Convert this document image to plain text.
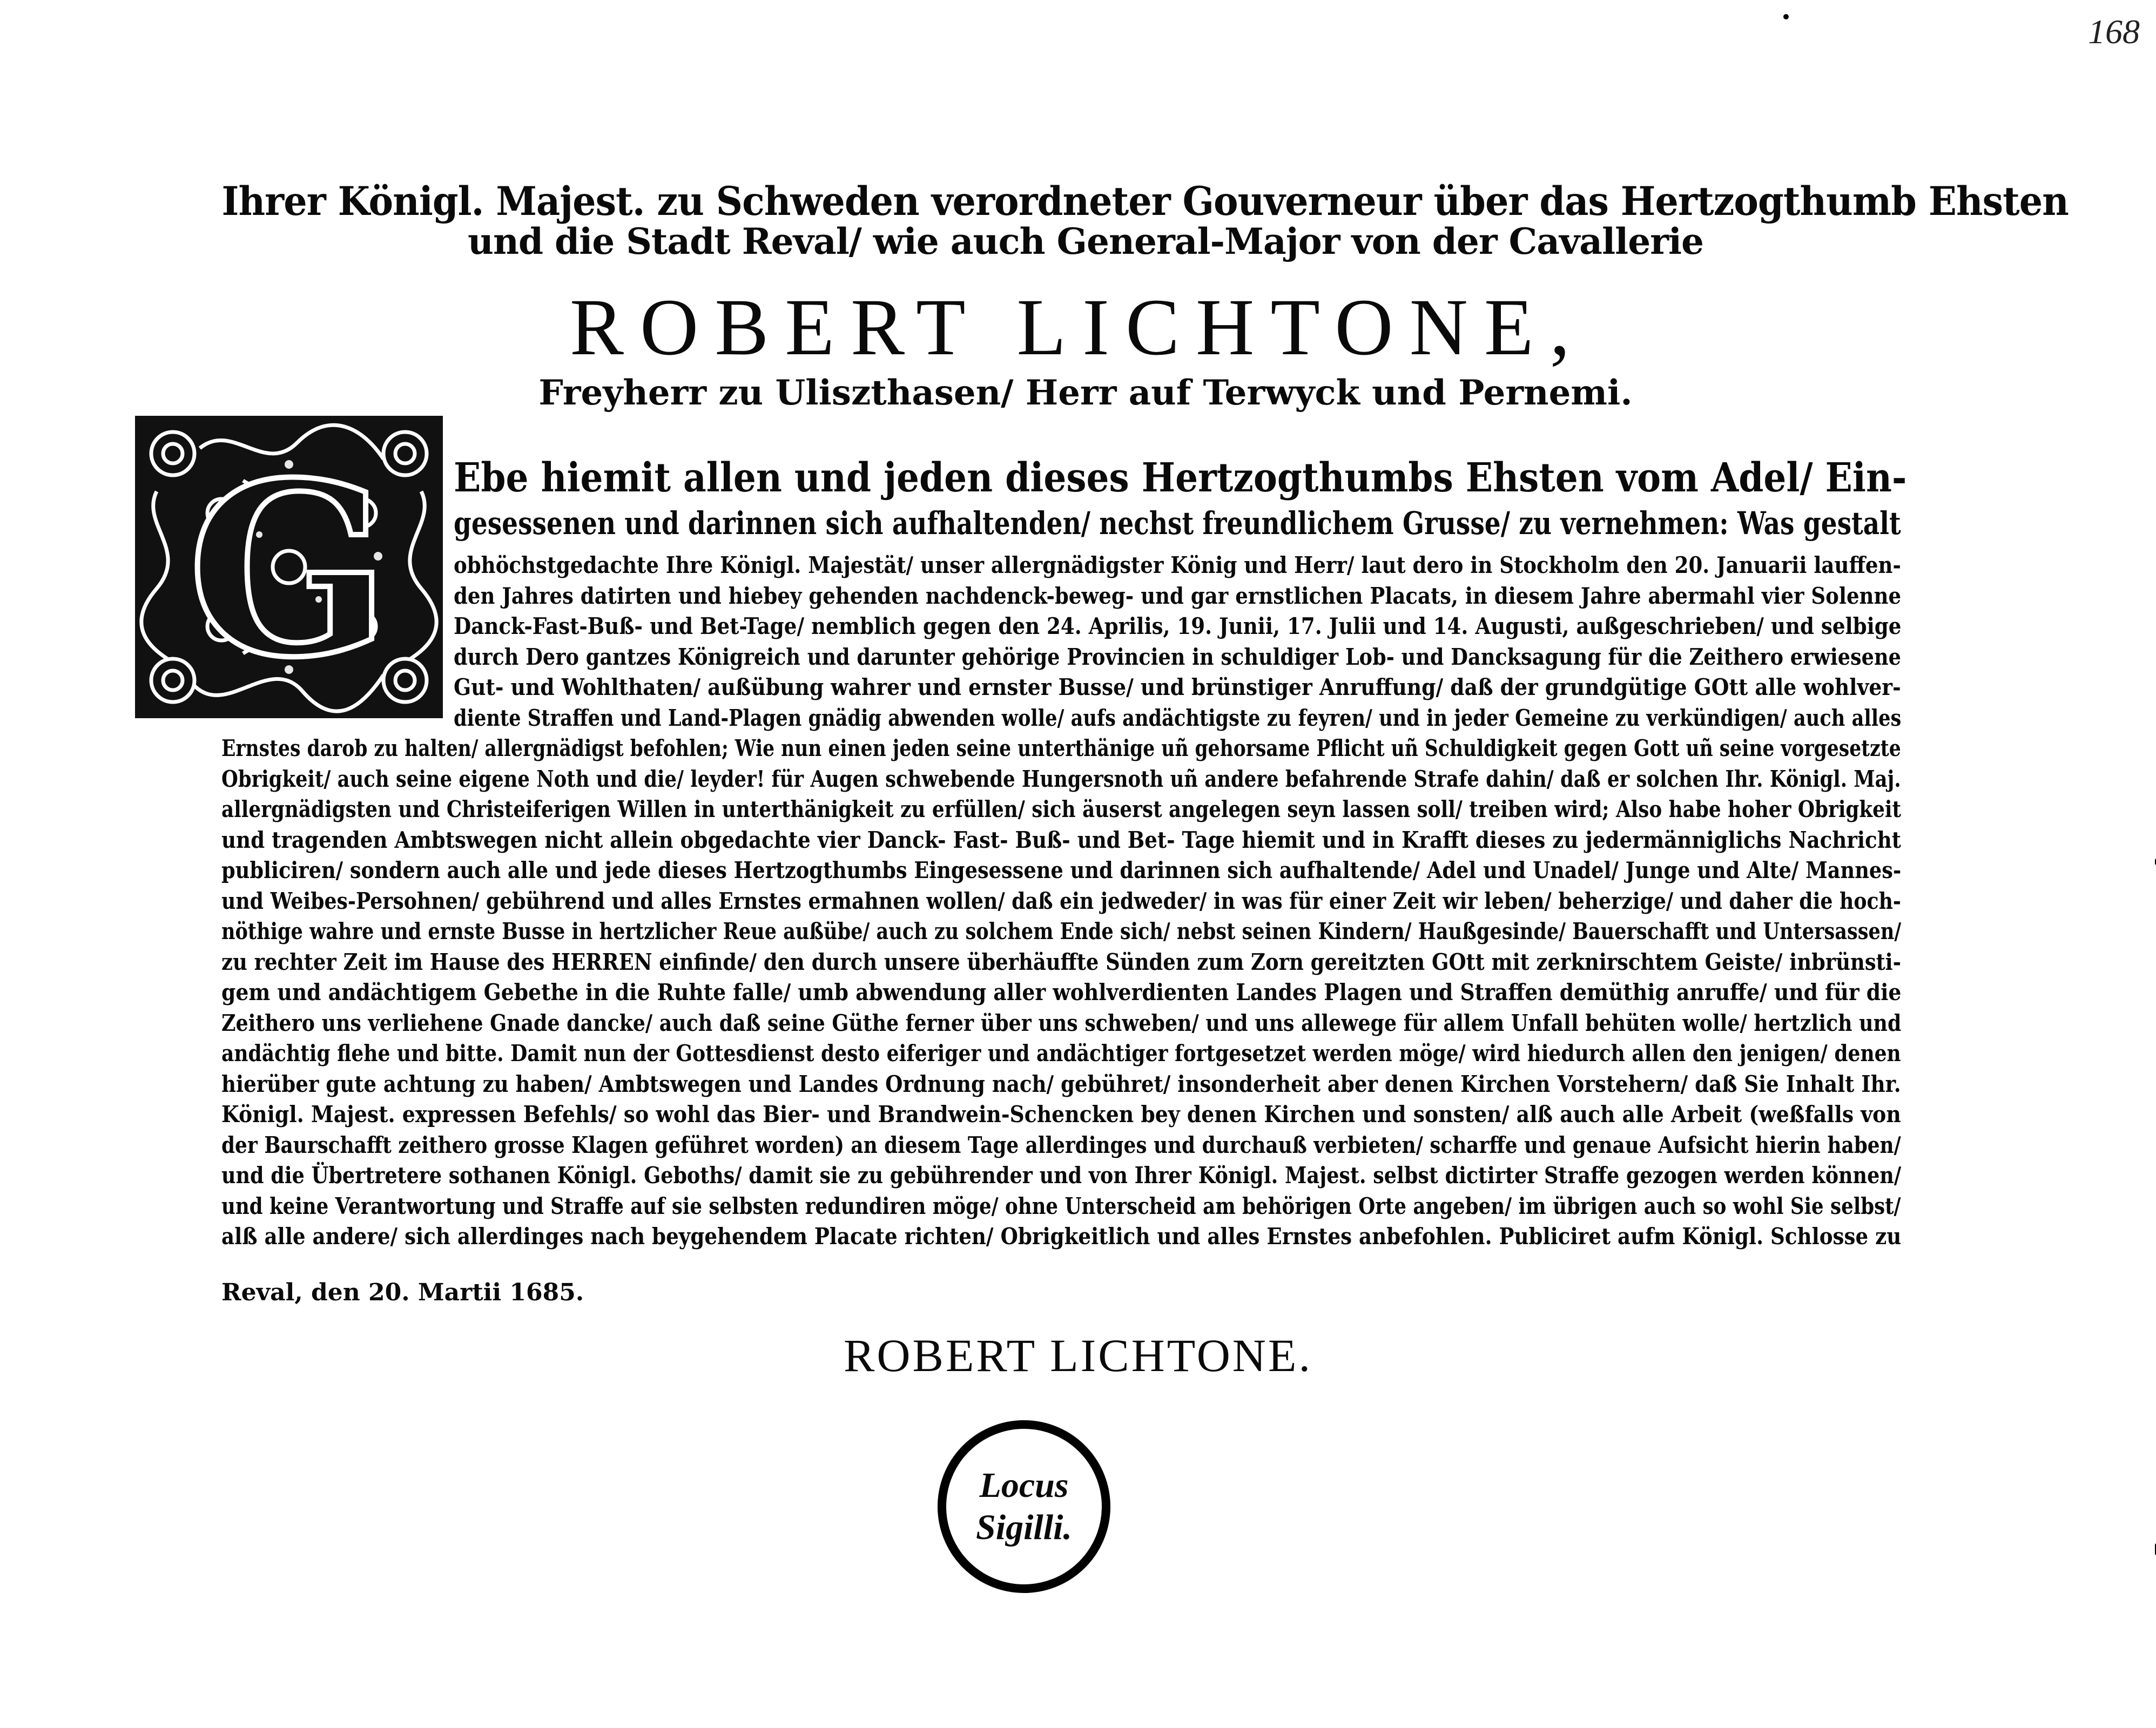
168
Ihrer Königl. Majest. zu Schweden verordneter Gouverneur über das Hertzogthumb Ehsten
und die Stadt Reval/ wie auch General-Major von der Cavallerie
ROBERT LICHTONE,
Freyherr zu Uliszthasen/ Herr auf Terwyck und Pernemi.
G Ebe hiemit allen und jeden dieses Hertzogthumbs Ehsten vom Adel/ Ein-
gesessenen und darinnen sich aufhaltenden/ nechst freundlichem Grusse/ zu vernehmen: Was gestalt
obhöchstgedachte Ihre Königl. Majestät/ unser allergnädigster König und Herr/ laut dero in Stockholm den 20. Januarii lauffen-
den Jahres datirten und hiebey gehenden nachdenck-beweg- und gar ernstlichen Placats, in diesem Jahre abermahl vier Solenne
Danck-Fast-Buß- und Bet-Tage/ nemblich gegen den 24. Aprilis, 19. Junii, 17. Julii und 14. Augusti, außgeschrieben/ und selbige
durch Dero gantzes Königreich und darunter gehörige Provincien in schuldiger Lob- und Dancksagung für die Zeithero erwiesene
Gut- und Wohlthaten/ außübung wahrer und ernster Busse/ und brünstiger Anruffung/ daß der grundgütige GOtt alle wohlver-
diente Straffen und Land-Plagen gnädig abwenden wolle/ aufs andächtigste zu feyren/ und in jeder Gemeine zu verkündigen/ auch alles
Ernstes darob zu halten/ allergnädigst befohlen; Wie nun einen jeden seine unterthänige uñ gehorsame Pflicht uñ Schuldigkeit gegen Gott uñ seine vorgesetzte
Obrigkeit/ auch seine eigene Noth und die/ leyder! für Augen schwebende Hungersnoth uñ andere befahrende Strafe dahin/ daß er solchen Ihr. Königl. Maj.
allergnädigsten und Christeiferigen Willen in unterthänigkeit zu erfüllen/ sich äuserst angelegen seyn lassen soll/ treiben wird; Also habe hoher Obrigkeit
und tragenden Ambtswegen nicht allein obgedachte vier Danck- Fast- Buß- und Bet- Tage hiemit und in Krafft dieses zu jedermänniglichs Nachricht
publiciren/ sondern auch alle und jede dieses Hertzogthumbs Eingesessene und darinnen sich aufhaltende/ Adel und Unadel/ Junge und Alte/ Mannes-
und Weibes-Persohnen/ gebührend und alles Ernstes ermahnen wollen/ daß ein jedweder/ in was für einer Zeit wir leben/ beherzige/ und daher die hoch-
nöthige wahre und ernste Busse in hertzlicher Reue außübe/ auch zu solchem Ende sich/ nebst seinen Kindern/ Haußgesinde/ Bauerschafft und Untersassen/
zu rechter Zeit im Hause des HERREN einfinde/ den durch unsere überhäuffte Sünden zum Zorn gereitzten GOtt mit zerknirschtem Geiste/ inbrünsti-
gem und andächtigem Gebethe in die Ruhte falle/ umb abwendung aller wohlverdienten Landes Plagen und Straffen demüthig anruffe/ und für die
Zeithero uns verliehene Gnade dancke/ auch daß seine Güthe ferner über uns schweben/ und uns allewege für allem Unfall behüten wolle/ hertzlich und
andächtig flehe und bitte. Damit nun der Gottesdienst desto eiferiger und andächtiger fortgesetzet werden möge/ wird hiedurch allen den jenigen/ denen
hierüber gute achtung zu haben/ Ambtswegen und Landes Ordnung nach/ gebühret/ insonderheit aber denen Kirchen Vorstehern/ daß Sie Inhalt Ihr.
Königl. Majest. expressen Befehls/ so wohl das Bier- und Brandwein-Schencken bey denen Kirchen und sonsten/ alß auch alle Arbeit (weßfalls von
der Baurschafft zeithero grosse Klagen geführet worden) an diesem Tage allerdinges und durchauß verbieten/ scharffe und genaue Aufsicht hierin haben/
und die Übertretere sothanen Königl. Geboths/ damit sie zu gebührender und von Ihrer Königl. Majest. selbst dictirter Straffe gezogen werden können/
und keine Verantwortung und Straffe auf sie selbsten redundiren möge/ ohne Unterscheid am behörigen Orte angeben/ im übrigen auch so wohl Sie selbst/
alß alle andere/ sich allerdinges nach beygehendem Placate richten/ Obrigkeitlich und alles Ernstes anbefohlen. Publiciret aufm Königl. Schlosse zu
Reval, den 20. Martii 1685.
ROBERT LICHTONE.
Locus
Sigilli.
